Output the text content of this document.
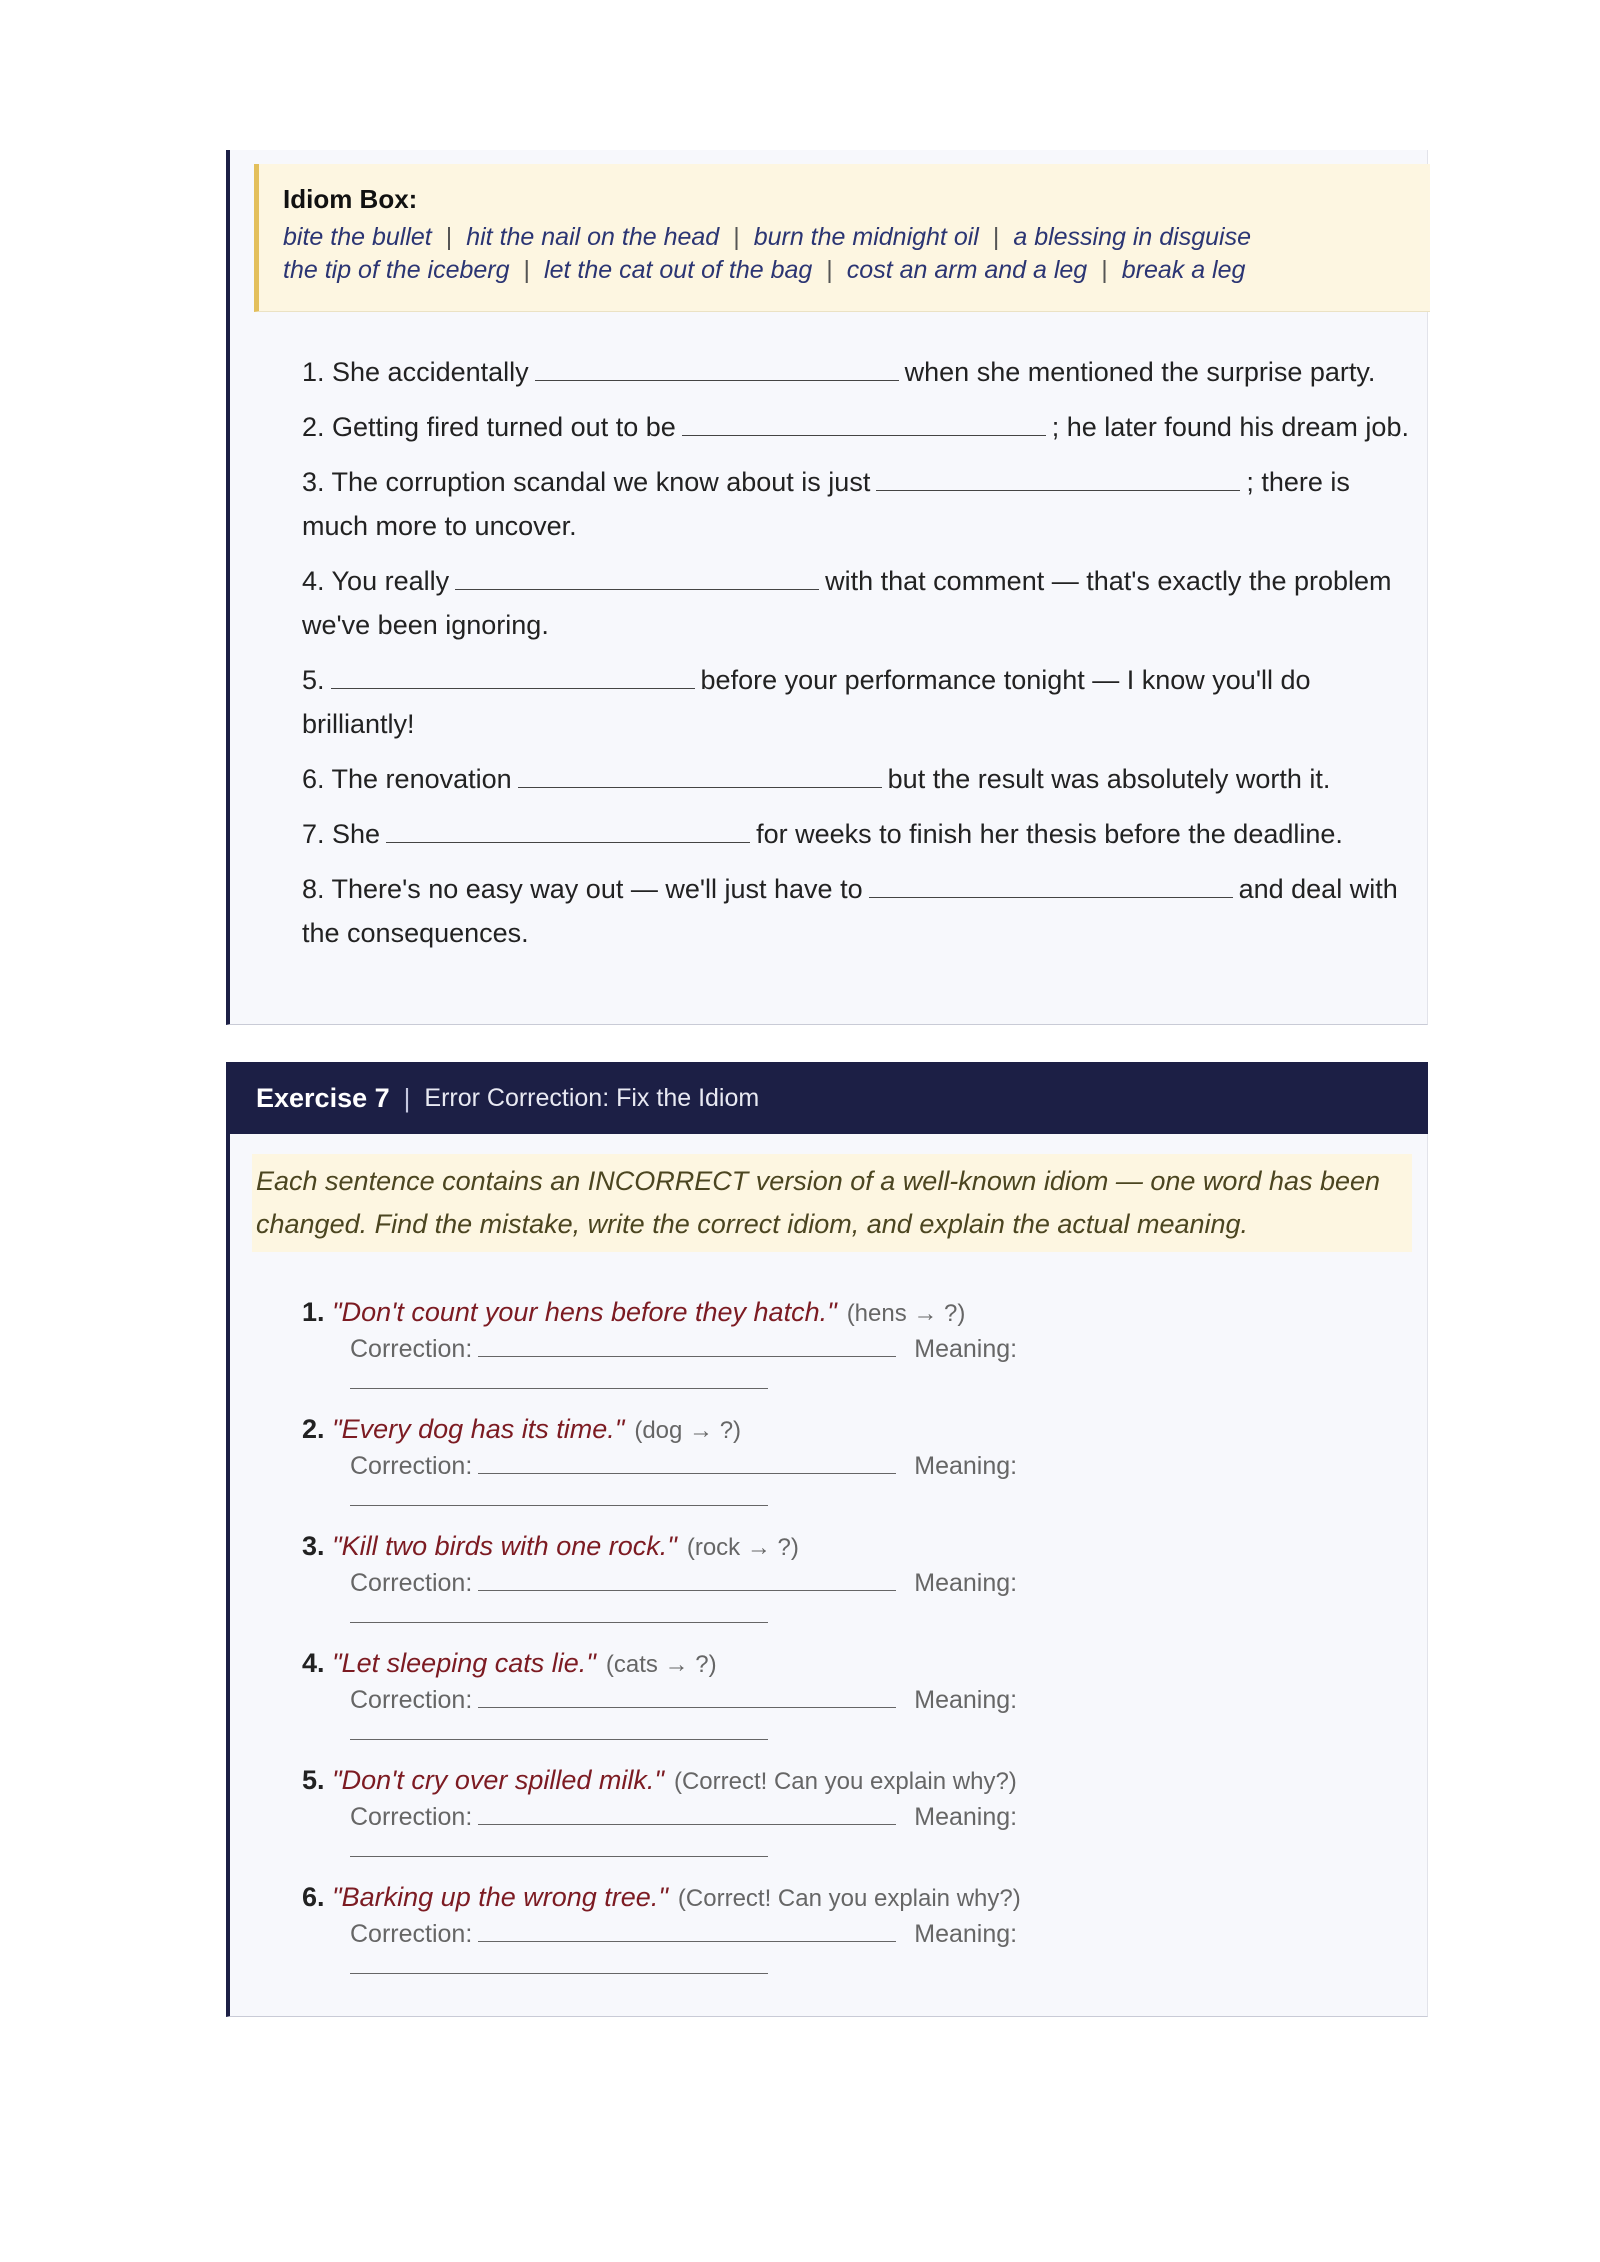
Idiom Box:
bite the bullet | hit the nail on the head | burn the midnight oil | a blessing in disguise
the tip of the iceberg | let the cat out of the bag | cost an arm and a leg | break a leg
1. She accidentally	when she mentioned the surprise party.
2. Getting fired turned out to be	; he later found his dream job.
3. The corruption scandal we know about is just	; there is much more to uncover.
4. You really	with that comment — that's exactly the problem we've been ignoring.
5.	before your performance tonight — I know you'll do brilliantly!
6. The renovation	but the result was absolutely worth it.
7. She	for weeks to finish her thesis before the deadline.
8. There's no easy way out — we'll just have to	and deal with the consequences.
Exercise 7 | Error Correction: Fix the Idiom
Each sentence contains an INCORRECT version of a well-known idiom — one word has been changed. Find the mistake, write the correct idiom, and explain the actual meaning.
1. "Don't count your hens before they hatch." (hens → ?)
Correction:	Meaning:
2. "Every dog has its time." (dog → ?)
Correction:	Meaning:
3. "Kill two birds with one rock." (rock → ?)
Correction:	Meaning:
4. "Let sleeping cats lie." (cats → ?)
Correction:	Meaning:
5. "Don't cry over spilled milk." (Correct! Can you explain why?)
Correction:	Meaning:
6. "Barking up the wrong tree." (Correct! Can you explain why?)
Correction:	Meaning:
